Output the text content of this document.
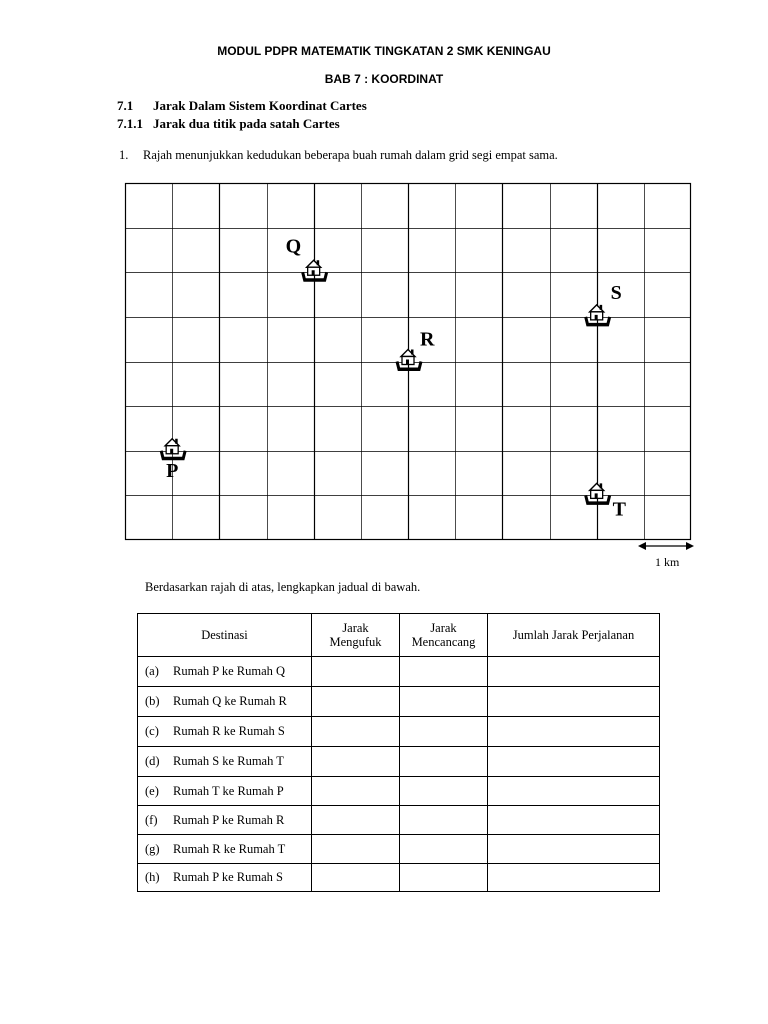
MODUL PDPR MATEMATIK TINGKATAN 2 SMK KENINGAU
BAB 7 : KOORDINAT
7.1 Jarak Dalam Sistem Koordinat Cartes
7.1.1 Jarak dua titik pada satah Cartes
1. Rajah menunjukkan kedudukan beberapa buah rumah dalam grid segi empat sama.
P
Q
R
S
T
1 km
Berdasarkan rajah di atas, lengkapkan jadual di bawah.
Destinasi	Jarak Mengufuk	Jarak Mencancang	Jumlah Jarak Perjalanan
(a) Rumah P ke Rumah Q			
(b) Rumah Q ke Rumah R			
(c) Rumah R ke Rumah S			
(d) Rumah S ke Rumah T			
(e) Rumah T ke Rumah P			
(f) Rumah P ke Rumah R			
(g) Rumah R ke Rumah T			
(h) Rumah P ke Rumah S			
